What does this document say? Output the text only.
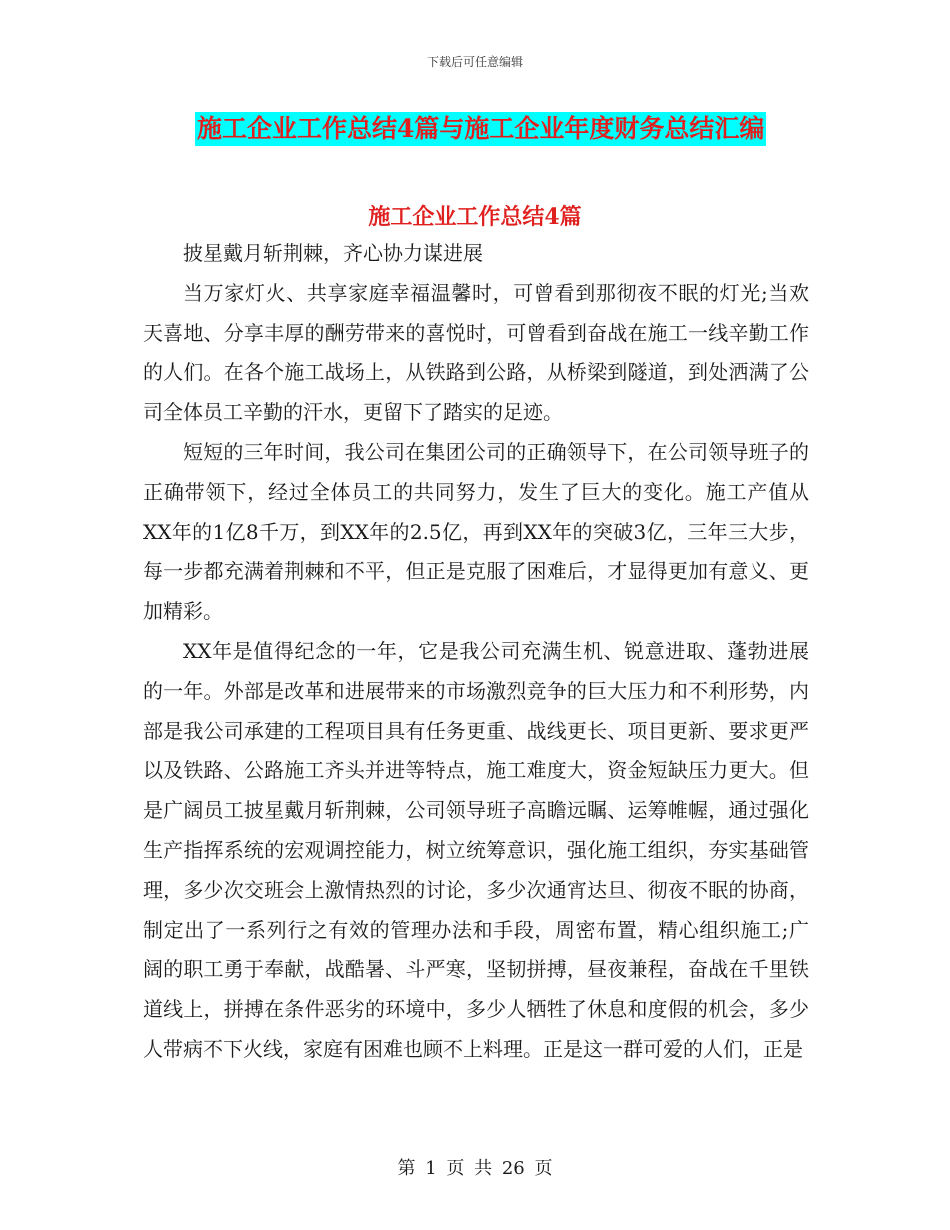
下载后可任意编辑
施工企业工作总结4篇与施工企业年度财务总结汇编
施工企业工作总结4篇

披星戴月斩荆棘，齐心协力谋进展

当万家灯火、共享家庭幸福温馨时，可曾看到那彻夜不眠的灯光;当欢天喜地、分享丰厚的酬劳带来的喜悦时，可曾看到奋战在施工一线辛勤工作的人们。在各个施工战场上，从铁路到公路，从桥梁到隧道，到处洒满了公司全体员工辛勤的汗水，更留下了踏实的足迹。

短短的三年时间，我公司在集团公司的正确领导下，在公司领导班子的正确带领下，经过全体员工的共同努力，发生了巨大的变化。施工产值从XX年的1亿8千万，到XX年的2.5亿，再到XX年的突破3亿，三年三大步，每一步都充满着荆棘和不平，但正是克服了困难后，才显得更加有意义、更加精彩。

XX年是值得纪念的一年，它是我公司充满生机、锐意进取、蓬勃进展的一年。外部是改革和进展带来的市场激烈竞争的巨大压力和不利形势，内部是我公司承建的工程项目具有任务更重、战线更长、项目更新、要求更严以及铁路、公路施工齐头并进等特点，施工难度大，资金短缺压力更大。但是广阔员工披星戴月斩荆棘，公司领导班子高瞻远瞩、运筹帷幄，通过强化生产指挥系统的宏观调控能力，树立统筹意识，强化施工组织，夯实基础管理，多少次交班会上激情热烈的讨论，多少次通宵达旦、彻夜不眠的协商，制定出了一系列行之有效的管理办法和手段，周密布置，精心组织施工;广阔的职工勇于奉献，战酷暑、斗严寒，坚韧拼搏，昼夜兼程，奋战在千里铁道线上，拼搏在条件恶劣的环境中，多少人牺牲了休息和度假的机会，多少人带病不下火线，家庭有困难也顾不上料理。正是这一群可爱的人们，正是

第 1 页 共 26 页
